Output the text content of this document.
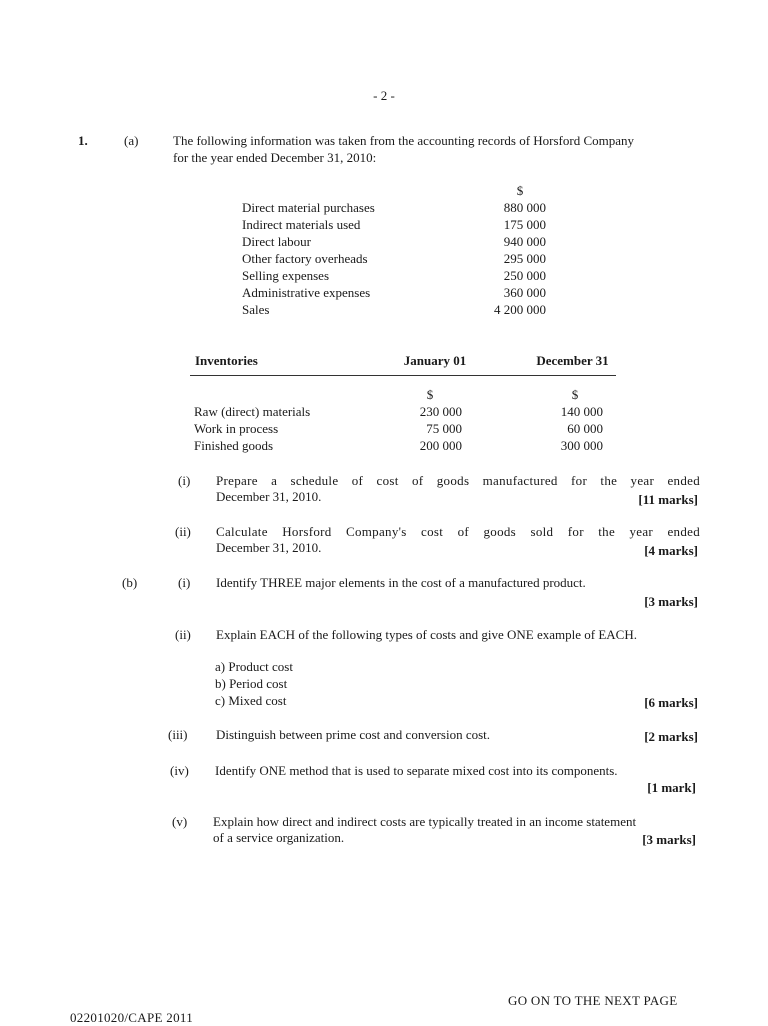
- 2 -
1.	(a)	The following information was taken from the accounting records of Horsford Company
for the year ended December 31, 2010:
$
Direct material purchases	880 000
Indirect materials used	175 000
Direct labour	940 000
Other factory overheads	295 000
Selling expenses	250 000
Administrative expenses	360 000
Sales	4 200 000
Inventories	January 01	December 31
$	$
Raw (direct) materials	230 000	140 000
Work in process	75 000	60 000
Finished goods	200 000	300 000
(i) Prepare a schedule of cost of goods manufactured for the year ended
December 31, 2010.	[11 marks]
(ii) Calculate Horsford Company's cost of goods sold for the year ended
December 31, 2010.	[4 marks]
(b)	(i) Identify THREE major elements in the cost of a manufactured product.
[3 marks]
(ii) Explain EACH of the following types of costs and give ONE example of EACH.
a) Product cost
b) Period cost
c) Mixed cost	[6 marks]
(iii) Distinguish between prime cost and conversion cost.	[2 marks]
(iv) Identify ONE method that is used to separate mixed cost into its components.
[1 mark]
(v) Explain how direct and indirect costs are typically treated in an income statement
of a service organization.	[3 marks]
GO ON TO THE NEXT PAGE
02201020/CAPE 2011
